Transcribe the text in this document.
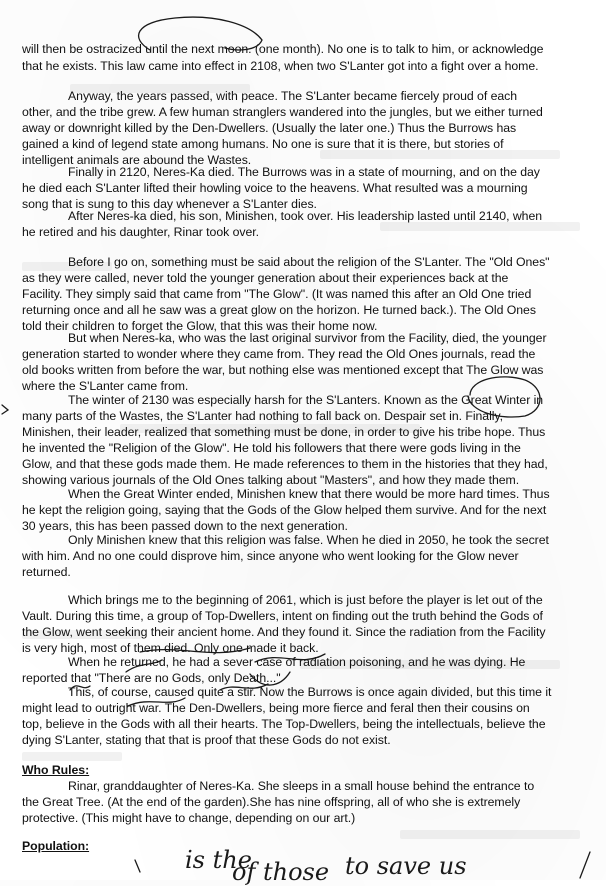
will then be ostracized until the next moon. (one month). No one is to talk to him, or acknowledge
that he exists. This law came into effect in 2108, when two S'Lanter got into a fight over a home.
Anyway, the years passed, with peace. The S'Lanter became fiercely proud of each
other, and the tribe grew. A few human stranglers wandered into the jungles, but we either turned
away or downright killed by the Den-Dwellers. (Usually the later one.) Thus the Burrows has
gained a kind of legend state among humans. No one is sure that it is there, but stories of
intelligent animals are abound the Wastes.
Finally in 2120, Neres-Ka died. The Burrows was in a state of mourning, and on the day
he died each S'Lanter lifted their howling voice to the heavens. What resulted was a mourning
song that is sung to this day whenever a S'Lanter dies.
After Neres-ka died, his son, Minishen, took over. His leadership lasted until 2140, when
he retired and his daughter, Rinar took over.
Before I go on, something must be said about the religion of the S'Lanter. The "Old Ones"
as they were called, never told the younger generation about their experiences back at the
Facility. They simply said that came from "The Glow". (It was named this after an Old One tried
returning once and all he saw was a great glow on the horizon. He turned back.). The Old Ones
told their children to forget the Glow, that this was their home now.
But when Neres-ka, who was the last original survivor from the Facility, died, the younger
generation started to wonder where they came from. They read the Old Ones journals, read the
old books written from before the war, but nothing else was mentioned except that The Glow was
where the S'Lanter came from.
The winter of 2130 was especially harsh for the S'Lanters. Known as the Great Winter in
many parts of the Wastes, the S'Lanter had nothing to fall back on. Despair set in. Finally,
Minishen, their leader, realized that something must be done, in order to give his tribe hope. Thus
he invented the "Religion of the Glow". He told his followers that there were gods living in the
Glow, and that these gods made them. He made references to them in the histories that they had,
showing various journals of the Old Ones talking about "Masters", and how they made them.
When the Great Winter ended, Minishen knew that there would be more hard times. Thus
he kept the religion going, saying that the Gods of the Glow helped them survive. And for the next
30 years, this has been passed down to the next generation.
Only Minishen knew that this religion was false. When he died in 2050, he took the secret
with him. And no one could disprove him, since anyone who went looking for the Glow never
returned.
Which brings me to the beginning of 2061, which is just before the player is let out of the
Vault. During this time, a group of Top-Dwellers, intent on finding out the truth behind the Gods of
the Glow, went seeking their ancient home. And they found it. Since the radiation from the Facility
is very high, most of them died. Only one made it back.
When he returned, he had a sever case of radiation poisoning, and he was dying. He
reported that "There are no Gods, only Death..."
This, of course, caused quite a stir. Now the Burrows is once again divided, but this time it
might lead to outright war. The Den-Dwellers, being more fierce and feral then their cousins on
top, believe in the Gods with all their hearts. The Top-Dwellers, being the intellectuals, believe the
dying S'Lanter, stating that that is proof that these Gods do not exist.
Who Rules:
Rinar, granddaughter of Neres-Ka. She sleeps in a small house behind the entrance to
the Great Tree. (At the end of the garden).She has nine offspring, all of who she is extremely
protective. (This might have to change, depending on our art.)
Population:	is the
of those to save us
